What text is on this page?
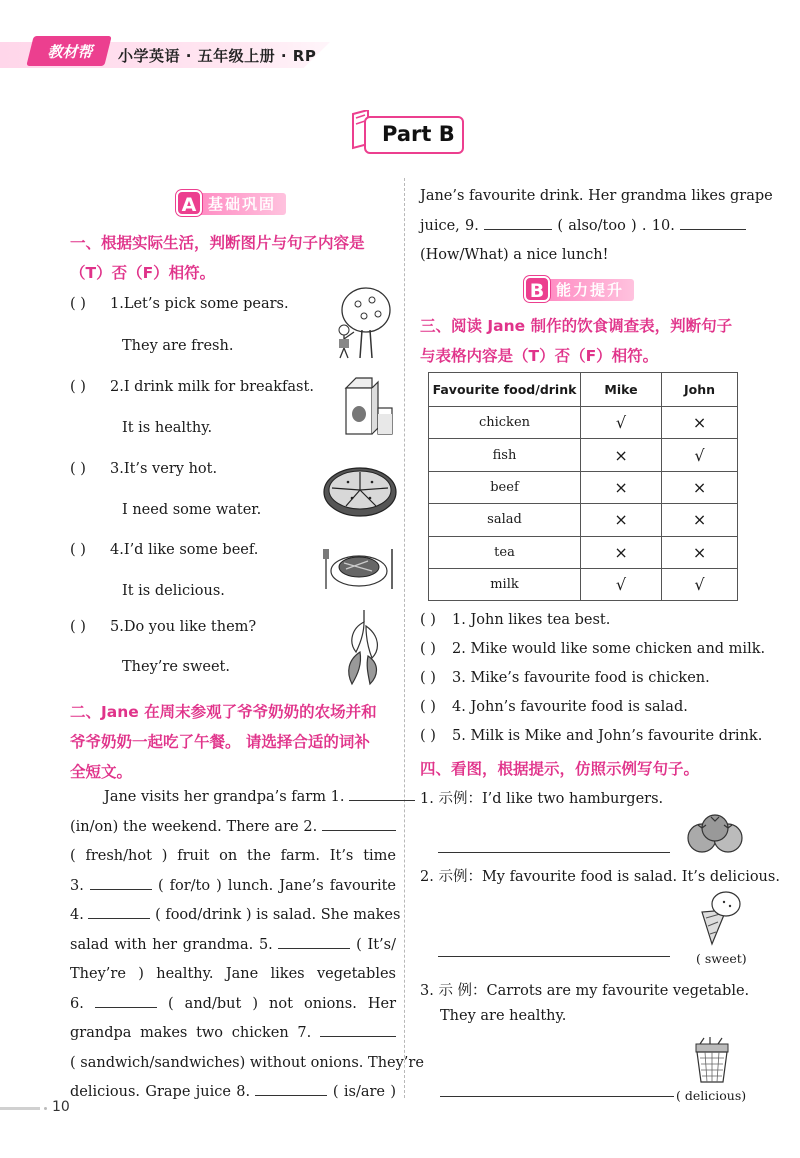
教材帮	小学英语 · 五年级上册 · RP
Part B
基础巩固
A
一、根据实际生活，判断图片与句子内容是
（T）否（F）相符。
( ) 1.Let’s pick some pears.
They are fresh.
( ) 2.I drink milk for breakfast.
It is healthy.
( ) 3.It’s very hot.
I need some water.
( ) 4.I’d like some beef.
It is delicious.
( ) 5.Do you like them?
They’re sweet.
二、Jane 在周末参观了爷爷奶奶的农场并和
爷爷奶奶一起吃了午餐。 请选择合适的词补
全短文。
Jane visits her grandpa’s farm 1.
(in/on) the weekend. There are 2.
( fresh/hot ) fruit on the farm. It’s time
3.	( for/to ) lunch. Jane’s favourite
4.	( food/drink ) is salad. She makes
salad with her grandma. 5.	( It’s/
They’re ) healthy. Jane likes vegetables
6.	( and/but ) not onions. Her
grandpa makes two chicken 7.
( sandwich/sandwiches) without onions. They’re
delicious. Grape juice 8.	( is/are )
Jane’s favourite drink. Her grandma likes grape
juice, 9.	( also/too ) . 10.
(How/What) a nice lunch!
能力提升
B
三、阅读 Jane 制作的饮食调查表，判断句子
与表格内容是（T）否（F）相符。
Favourite food/drink	Mike	John
chicken	√	×
fish	×	√
beef	×	×
salad	×	×
tea	×	×
milk	√	√
( ) 1. John likes tea best.
( ) 2. Mike would like some chicken and milk.
( ) 3. Mike’s favourite food is chicken.
( ) 4. John’s favourite food is salad.
( ) 5. Milk is Mike and John’s favourite drink.
四、看图，根据提示，仿照示例写句子。
1. 示例：I’d like two hamburgers.
2. 示例：My favourite food is salad. It’s delicious.
( sweet)
3. 示 例：Carrots are my favourite vegetable.
They are healthy.
( delicious)
10
